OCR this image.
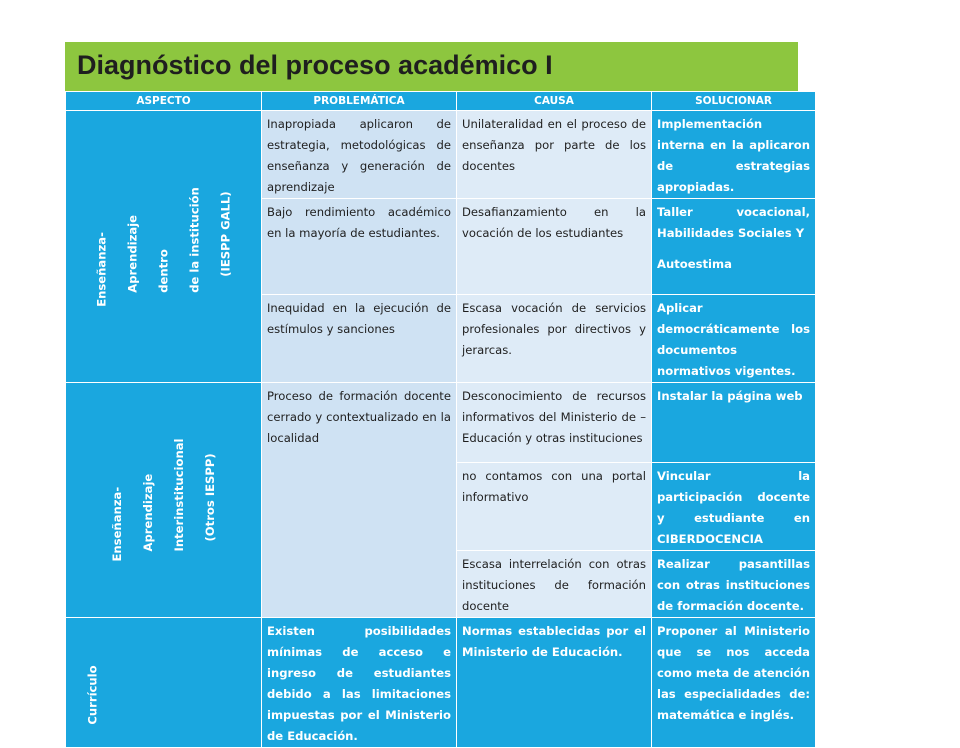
Diagnóstico del proceso académico I
ASPECTO	PROBLEMÁTICA	CAUSA	SOLUCIONAR

Enseñanza- Aprendizaje dentro de la institución (IESPP GALL)	Inapropiada aplicaron de estrategia, metodológicas de enseñanza y generación de aprendizaje	Unilateralidad en el proceso de enseñanza por parte de los docentes	Implementación interna en la aplicaron de estrategias apropiadas.
	Bajo rendimiento académico en la mayoría de estudiantes.	Desafianzamiento en la vocación de los estudiantes	Taller vocacional, Habilidades Sociales Y
Autoestima

	Inequidad en la ejecución de estímulos y sanciones	Escasa vocación de servicios profesionales por directivos y jerarcas.	Aplicar democráticamente los documentos normativos vigentes.

Enseñanza- Aprendizaje Interinstitucional (Otros IESPP)	Proceso de formación docente cerrado y contextualizado en la localidad	Desconocimiento de recursos informativos del Ministerio de –Educación y otras instituciones	Instalar la página web
		no contamos con una portal informativo	Vincular la participación docente y estudiante en CIBERDOCENCIA
		Escasa interrelación con otras instituciones de formación docente	Realizar pasantillas con otras instituciones de formación docente.

Currículo	Existen posibilidades mínimas de acceso e ingreso de estudiantes debido a las limitaciones impuestas por el Ministerio de Educación.	Normas establecidas por el Ministerio de Educación.	Proponer al Ministerio que se nos acceda como meta de atención las especialidades de: matemática e inglés.
